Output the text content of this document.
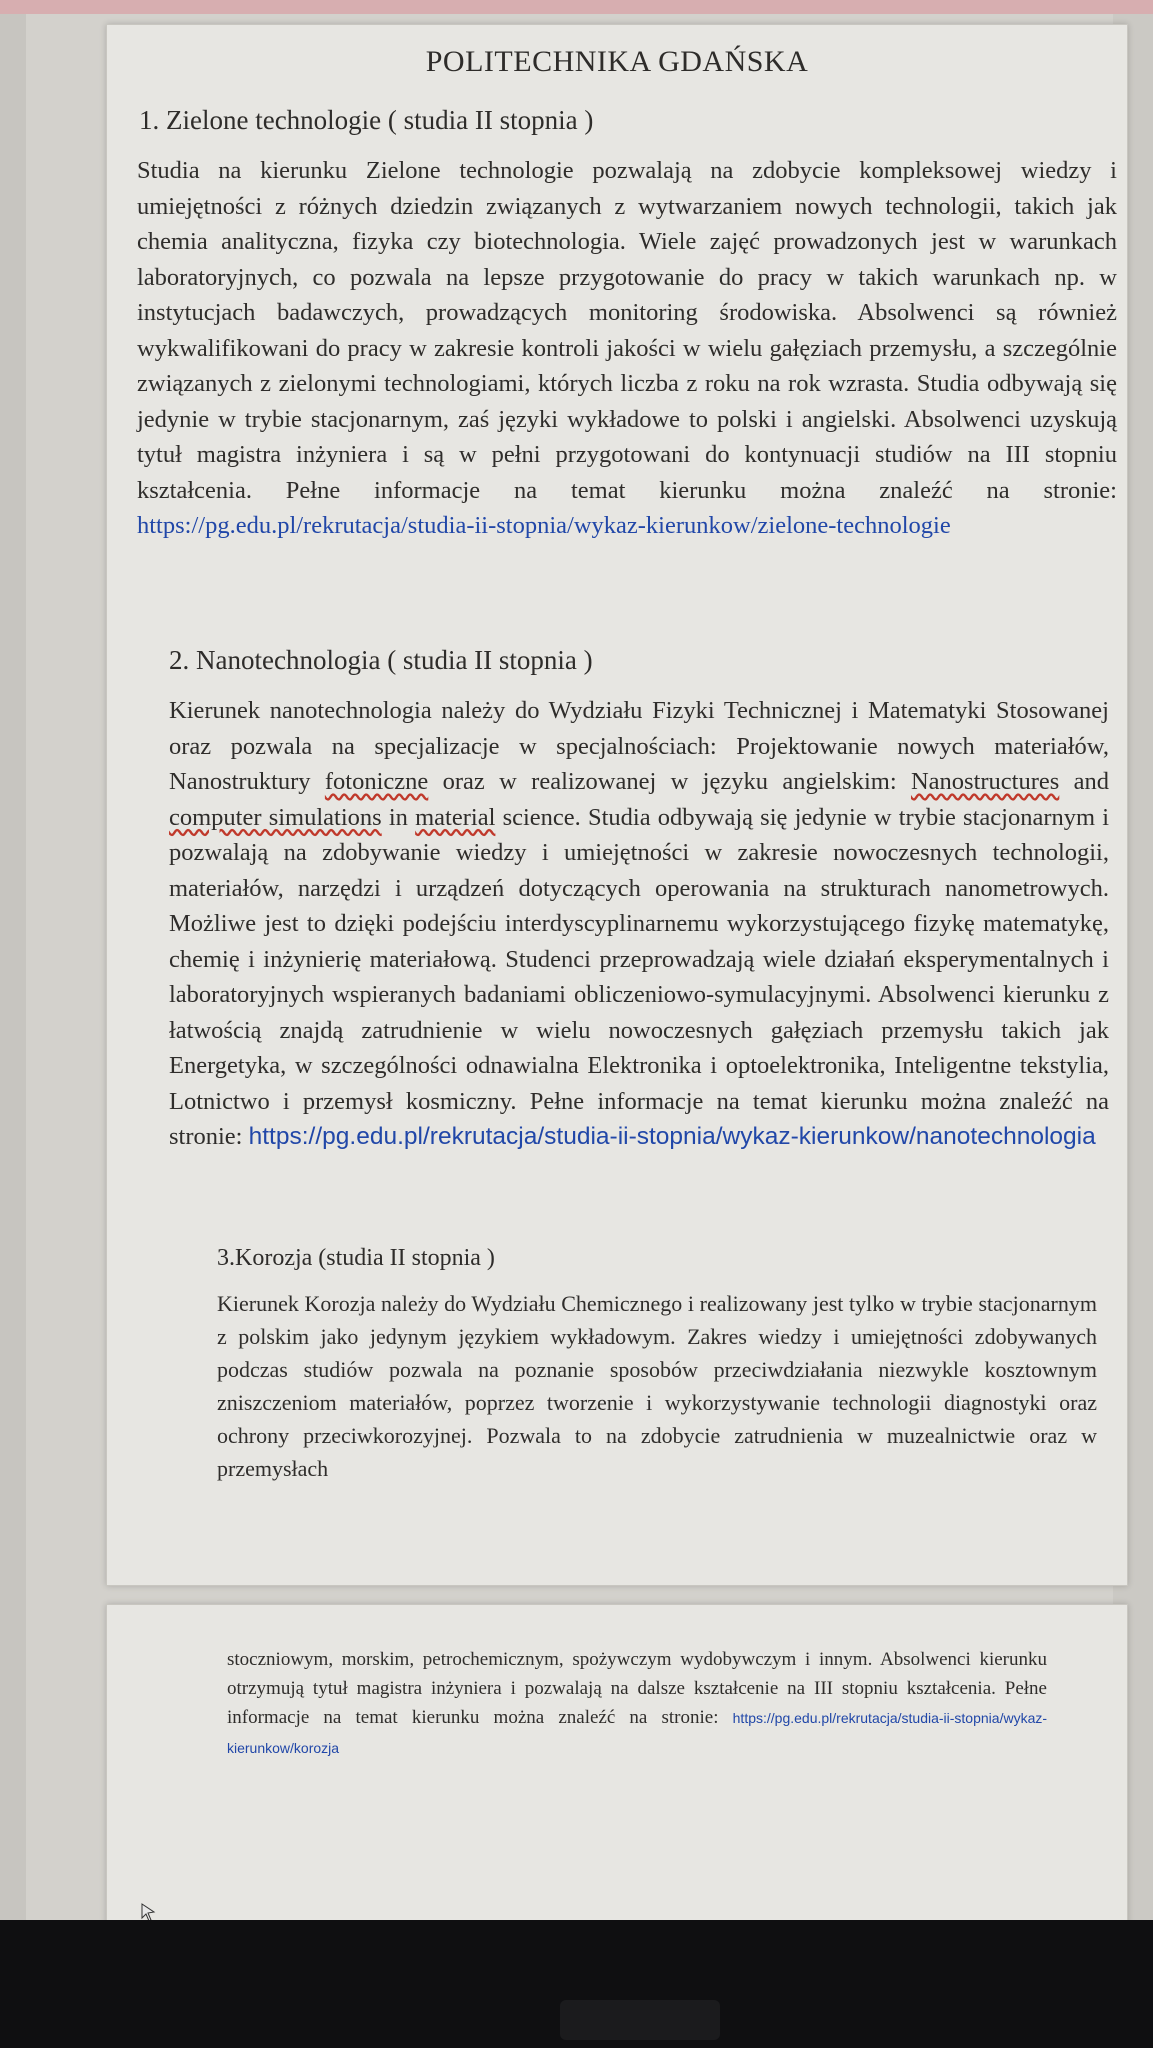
POLITECHNIKA GDAŃSKA
1. Zielone technologie ( studia II stopnia )
Studia na kierunku Zielone technologie pozwalają na zdobycie kompleksowej wiedzy i umiejętności z różnych dziedzin związanych z wytwarzaniem nowych technologii, takich jak chemia analityczna, fizyka czy biotechnologia. Wiele zajęć prowadzonych jest w warunkach laboratoryjnych, co pozwala na lepsze przygotowanie do pracy w takich warunkach np. w instytucjach badawczych, prowadzących monitoring środowiska. Absolwenci są również wykwalifikowani do pracy w zakresie kontroli jakości w wielu gałęziach przemysłu, a szczególnie związanych z zielonymi technologiami, których liczba z roku na rok wzrasta. Studia odbywają się jedynie w trybie stacjonarnym, zaś języki wykładowe to polski i angielski. Absolwenci uzyskują tytuł magistra inżyniera i są w pełni przygotowani do kontynuacji studiów na III stopniu kształcenia. Pełne informacje na temat kierunku można znaleźć na stronie: https://pg.edu.pl/rekrutacja/studia-ii-stopnia/wykaz-kierunkow/zielone-technologie
2. Nanotechnologia ( studia II stopnia )
Kierunek nanotechnologia należy do Wydziału Fizyki Technicznej i Matematyki Stosowanej oraz pozwala na specjalizacje w specjalnościach: Projektowanie nowych materiałów, Nanostruktury fotoniczne oraz w realizowanej w języku angielskim: Nanostructures and computer simulations in material science. Studia odbywają się jedynie w trybie stacjonarnym i pozwalają na zdobywanie wiedzy i umiejętności w zakresie nowoczesnych technologii, materiałów, narzędzi i urządzeń dotyczących operowania na strukturach nanometrowych. Możliwe jest to dzięki podejściu interdyscyplinarnemu wykorzystującego fizykę matematykę, chemię i inżynierię materiałową. Studenci przeprowadzają wiele działań eksperymentalnych i laboratoryjnych wspieranych badaniami obliczeniowo-symulacyjnymi. Absolwenci kierunku z łatwością znajdą zatrudnienie w wielu nowoczesnych gałęziach przemysłu takich jak Energetyka, w szczególności odnawialna Elektronika i optoelektronika, Inteligentne tekstylia, Lotnictwo i przemysł kosmiczny. Pełne informacje na temat kierunku można znaleźć na stronie: https://pg.edu.pl/rekrutacja/studia-ii-stopnia/wykaz-kierunkow/nanotechnologia
3.Korozja (studia II stopnia )
Kierunek Korozja należy do Wydziału Chemicznego i realizowany jest tylko w trybie stacjonarnym z polskim jako jedynym językiem wykładowym. Zakres wiedzy i umiejętności zdobywanych podczas studiów pozwala na poznanie sposobów przeciwdziałania niezwykle kosztownym zniszczeniom materiałów, poprzez tworzenie i wykorzystywanie technologii diagnostyki oraz ochrony przeciwkorozyjnej. Pozwala to na zdobycie zatrudnienia w muzealnictwie oraz w przemysłach
stoczniowym, morskim, petrochemicznym, spożywczym wydobywczym i innym. Absolwenci kierunku otrzymują tytuł magistra inżyniera i pozwalają na dalsze kształcenie na III stopniu kształcenia. Pełne informacje na temat kierunku można znaleźć na stronie: https://pg.edu.pl/rekrutacja/studia-ii-stopnia/wykaz-kierunkow/korozja
